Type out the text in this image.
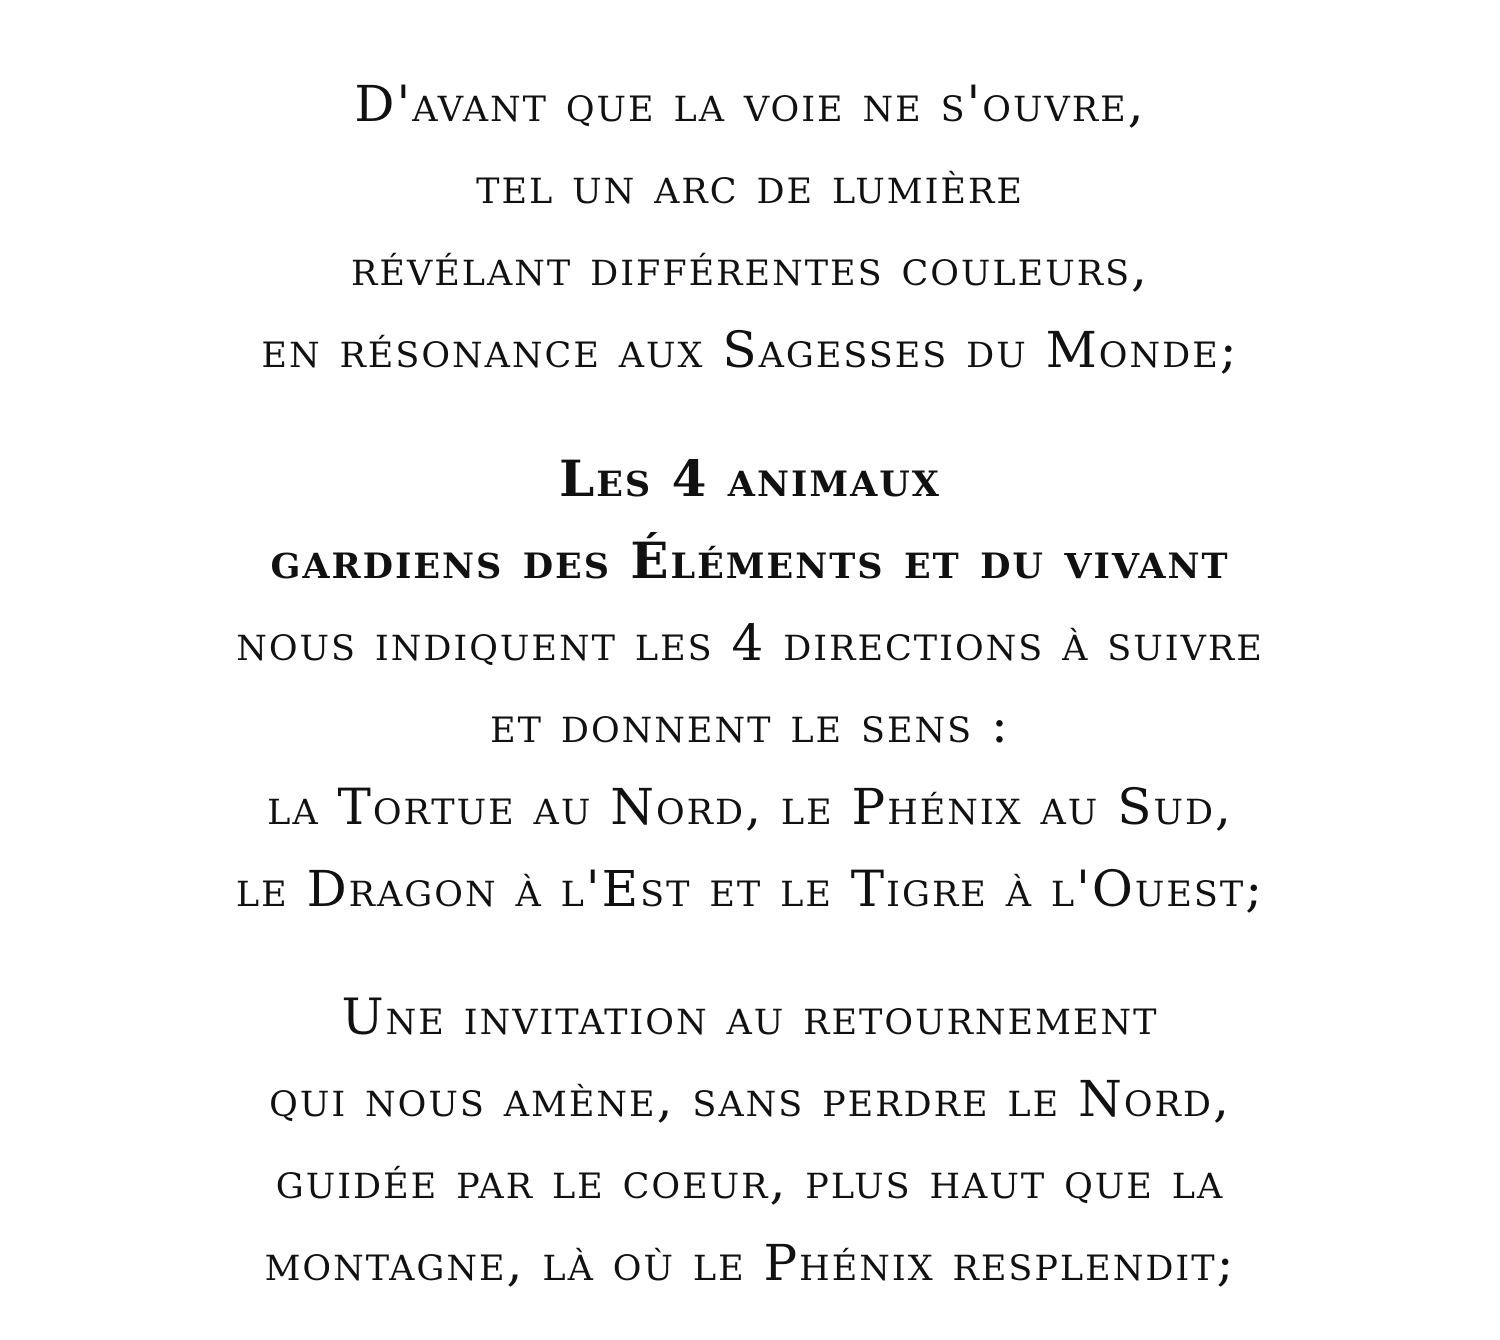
D'avant que la voie ne s'ouvre,
tel un arc de lumière
révélant différentes couleurs,
en résonance aux Sagesses du Monde;
Les 4 animaux
gardiens des Éléments et du vivant
nous indiquent les 4 directions à suivre
et donnent le sens :
la Tortue au Nord, le Phénix au Sud,
le Dragon à l'Est et le Tigre à l'Ouest;
Une invitation au retournement
qui nous amène, sans perdre le Nord,
guidée par le coeur, plus haut que la
montagne, là où le Phénix resplendit;
